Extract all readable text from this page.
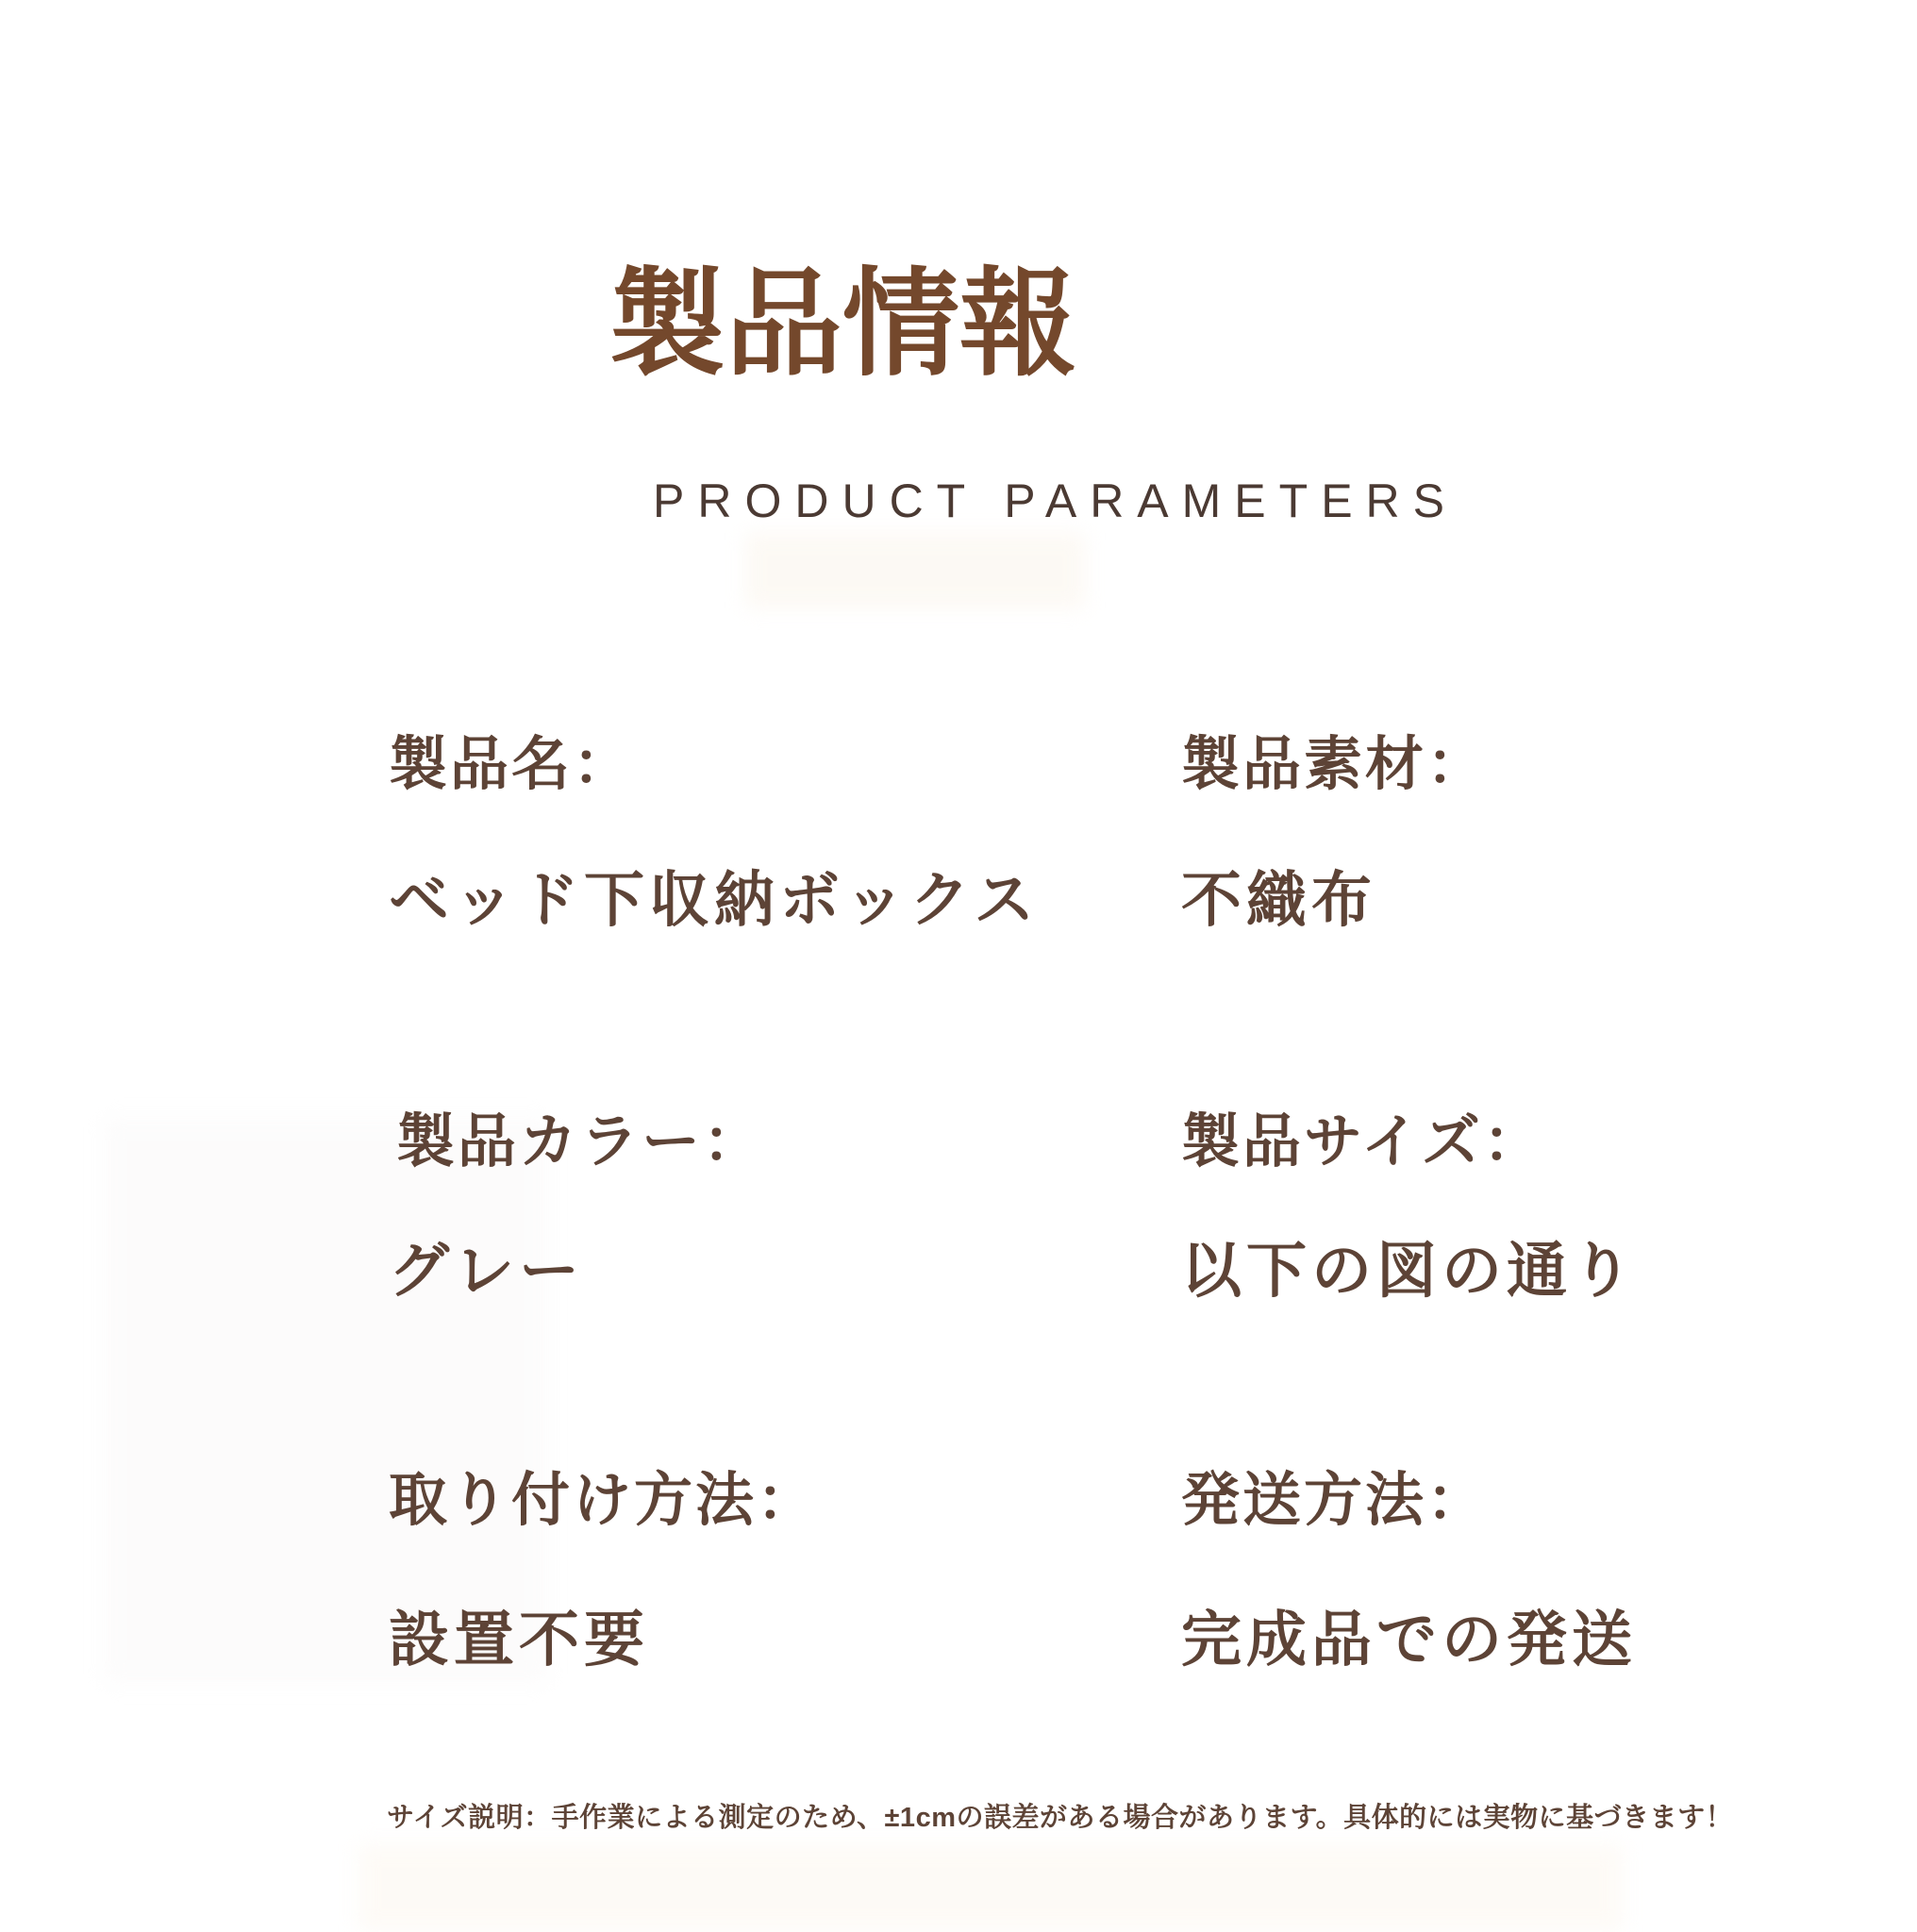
製品情報
PRODUCT PARAMETERS
製品名：
ベッド下収納ボックス
製品素材：
不織布
製品カラー：
グレー
製品サイズ：
以下の図の通り
取り付け方法：
設置不要
発送方法：
完成品での発送
サイズ説明：手作業による測定のため、±1cmの誤差がある場合があります。具体的には実物に基づきます！
